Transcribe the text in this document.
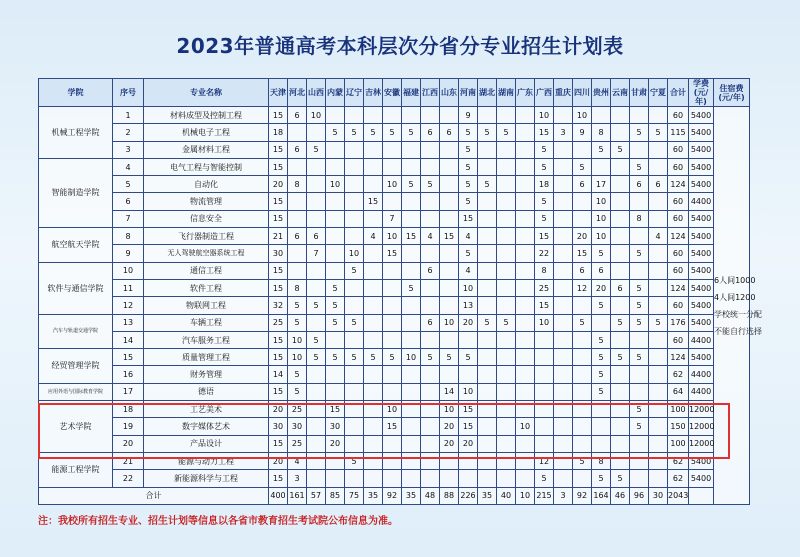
2023年普通高考本科层次分省分专业招生计划表
学院	序号	专业名称	天津	河北	山西	内蒙	辽宁	吉林	安徽	福建	江西	山东	河南	湖北	湖南	广东	广西	重庆	四川	贵州	云南	甘肃	宁夏	合计	学费(元/年)	住宿费(元/年)
机械工程学院	1	材料成型及控制工程	15	6	10								9				10		10					60	5400	6人间1000
4人间1200
学校统一分配
不能自行选择

	2	机械电子工程	18			5	5	5	5	5	6	6	5	5	5		15	3	9	8		5	5	115	5400	
	3	金属材料工程	15	6	5								5				5			5	5			60	5400	
智能制造学院	4	电气工程与智能控制	15										5				5		5			5		60	5400	
	5	自动化	20	8		10			10	5	5		5	5			18		6	17		6	6	124	5400	
	6	物流管理	15					15					5				5			10				60	4400	
	7	信息安全	15						7				15				5			10		8		60	5400	
航空航天学院	8	飞行器制造工程	21	6	6			4	10	15	4	15	4				15		20	10			4	124	5400	
	9	无人驾驶航空器系统工程	30		7		10		15				5				22		15	5		5		60	5400	
软件与通信学院	10	通信工程	15				5				6		4				8		6	6				60	5400	
	11	软件工程	15	8		5				5			10				25		12	20	6	5		124	5400	
	12	物联网工程	32	5	5	5							13				15			5		5		60	5400	
汽车与轨道交通学院	13	车辆工程	25	5		5	5				6	10	20	5	5		10		5		5	5	5	176	5400	
	14	汽车服务工程	15	10	5															5				60	4400	
经贸管理学院	15	质量管理工程	15	10	5	5	5	5	5	10	5	5	5							5	5	5		124	5400	
	16	财务管理	14	5																5				62	4400	
应用外语与国际教育学院	17	德语	15	5								14	10							5				64	4400	
艺术学院	18	工艺美术	20	25		15			10			10	15									5		100	12000	
	19	数字媒体艺术	30	30		30			15			20	15			10						5		150	12000	
	20	产品设计	15	25		20						20	20											100	12000	
能源工程学院	21	能源与动力工程	20	4			5										12		5	8				62	5400	
	22	新能源科学与工程	15	3													5			5	5			62	5400	
合计			400	161	57	85	75	35	92	35	48	88	226	35	40	10	215	3	92	164	46	96	30	2043		
注：我校所有招生专业、招生计划等信息以各省市教育招生考试院公布信息为准。
